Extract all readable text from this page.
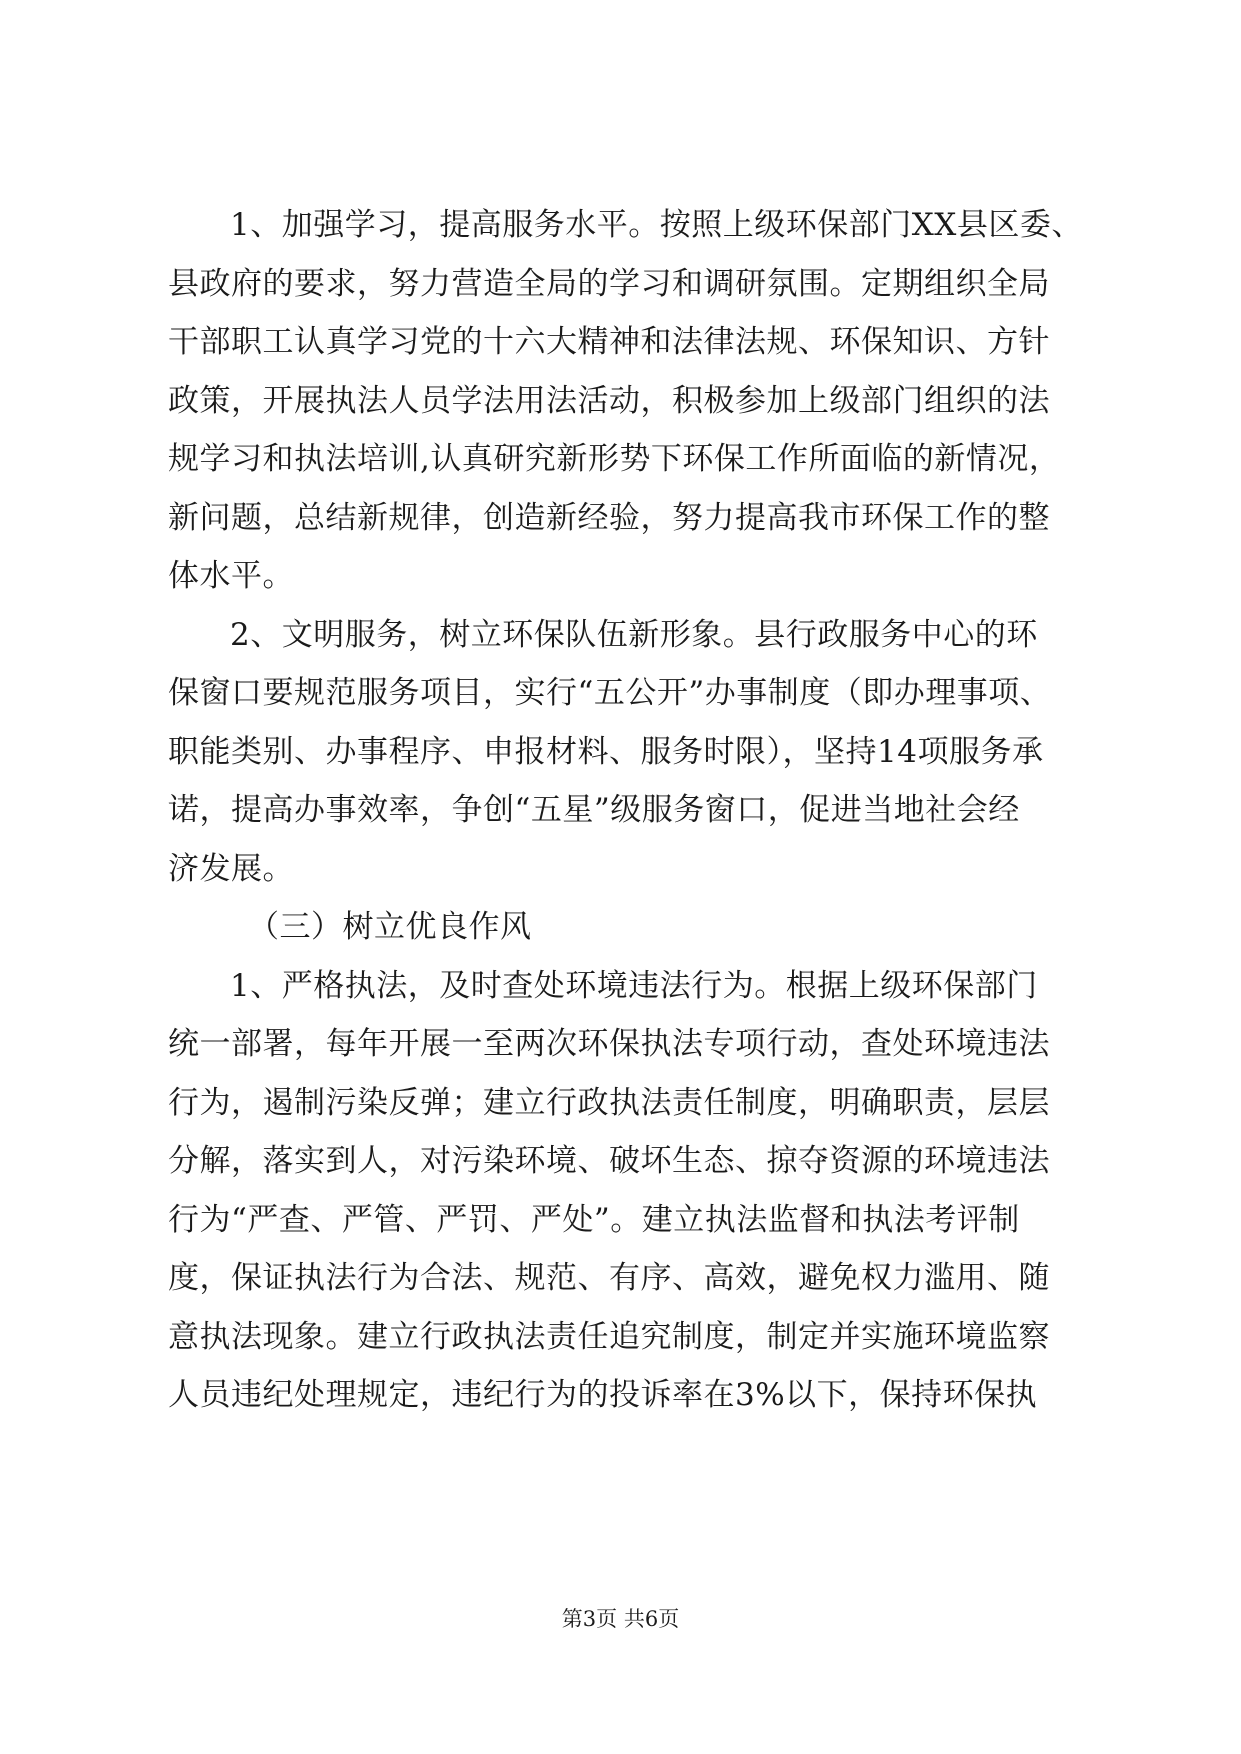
1、加强学习，提高服务水平。按照上级环保部门XX县区委、
县政府的要求，努力营造全局的学习和调研氛围。定期组织全局
干部职工认真学习党的十六大精神和法律法规、环保知识、方针
政策，开展执法人员学法用法活动，积极参加上级部门组织的法
规学习和执法培训,认真研究新形势下环保工作所面临的新情况，
新问题，总结新规律，创造新经验，努力提高我市环保工作的整
体水平。
2、文明服务，树立环保队伍新形象。县行政服务中心的环
保窗口要规范服务项目，实行“五公开”办事制度（即办理事项、
职能类别、办事程序、申报材料、服务时限），坚持14项服务承
诺，提高办事效率，争创“五星”级服务窗口，促进当地社会经
济发展。
（三）树立优良作风
1、严格执法，及时查处环境违法行为。根据上级环保部门
统一部署，每年开展一至两次环保执法专项行动，查处环境违法
行为，遏制污染反弹；建立行政执法责任制度，明确职责，层层
分解，落实到人，对污染环境、破坏生态、掠夺资源的环境违法
行为“严查、严管、严罚、严处”。建立执法监督和执法考评制
度，保证执法行为合法、规范、有序、高效，避免权力滥用、随
意执法现象。建立行政执法责任追究制度，制定并实施环境监察
人员违纪处理规定，违纪行为的投诉率在3%以下，保持环保执
第3页 共6页
